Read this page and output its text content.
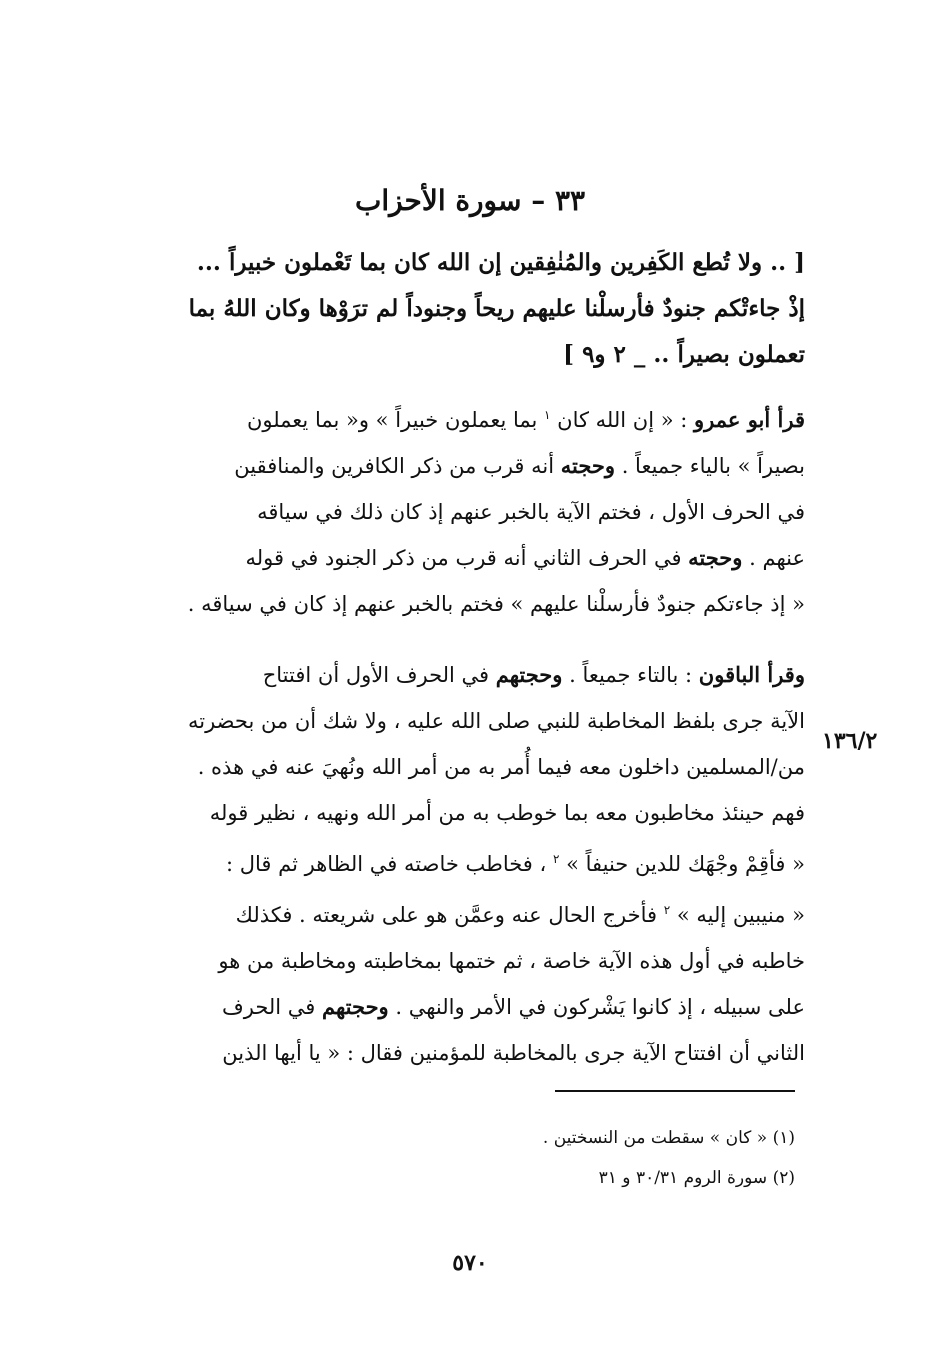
٣٣ – سورة الأحزاب
[ .. ولا تُطع الكَفِرين والمُنٰفِقين إن الله كان بما تَعْملون خبيراً ...
إذْ جاءتْكم جنودٌ فأرسلْنا عليهم ريحاً وجنوداً لم ترَوْها وكان اللهُ بما
تعملون بصيراً .. _ ٢ و٩ ]
قرأ أبو عمرو : « إن الله كان $^١$ بما يعملون خبيراً » و« بما يعملون
بصيراً » بالياء جميعاً . وحجته أنه قرب من ذكر الكافرين والمنافقين
في الحرف الأول ، فختم الآية بالخبر عنهم إذ كان ذلك في سياقه
عنهم . وحجته في الحرف الثاني أنه قرب من ذكر الجنود في قوله
« إذ جاءتكم جنودٌ فأرسلْنا عليهم » فختم بالخبر عنهم إذ كان في سياقه .
وقرأ الباقون : بالتاء جميعاً . وحجتهم في الحرف الأول أن افتتاح
الآية جرى بلفظ المخاطبة للنبي صلى الله عليه ، ولا شك أن من بحضرته
من/المسلمين داخلون معه فيما أُمر به من أمر الله ونُهيَ عنه في هذه .
فهم حينئذ مخاطبون معه بما خوطب به من أمر الله ونهيه ، نظير قوله
« فأقِمْ وجْهَك للدين حنيفاً » $^٢$ ، فخاطب خاصته في الظاهر ثم قال :
« منيبين إليه » $^٢$ فأخرج الحال عنه وعمَّن هو على شريعته . فكذلك
خاطبه في أول هذه الآية خاصة ، ثم ختمها بمخاطبته ومخاطبة من هو
على سبيله ، إذ كانوا يَشْركون في الأمر والنهي . وحجتهم في الحرف
الثاني أن افتتاح الآية جرى بالمخاطبة للمؤمنين فقال : « يا أيها الذين
١٣٦/٢
(١) « كان » سقطت من النسختين .
(٢) سورة الروم ٣٠/٣١ و ٣١
٥٧٠
